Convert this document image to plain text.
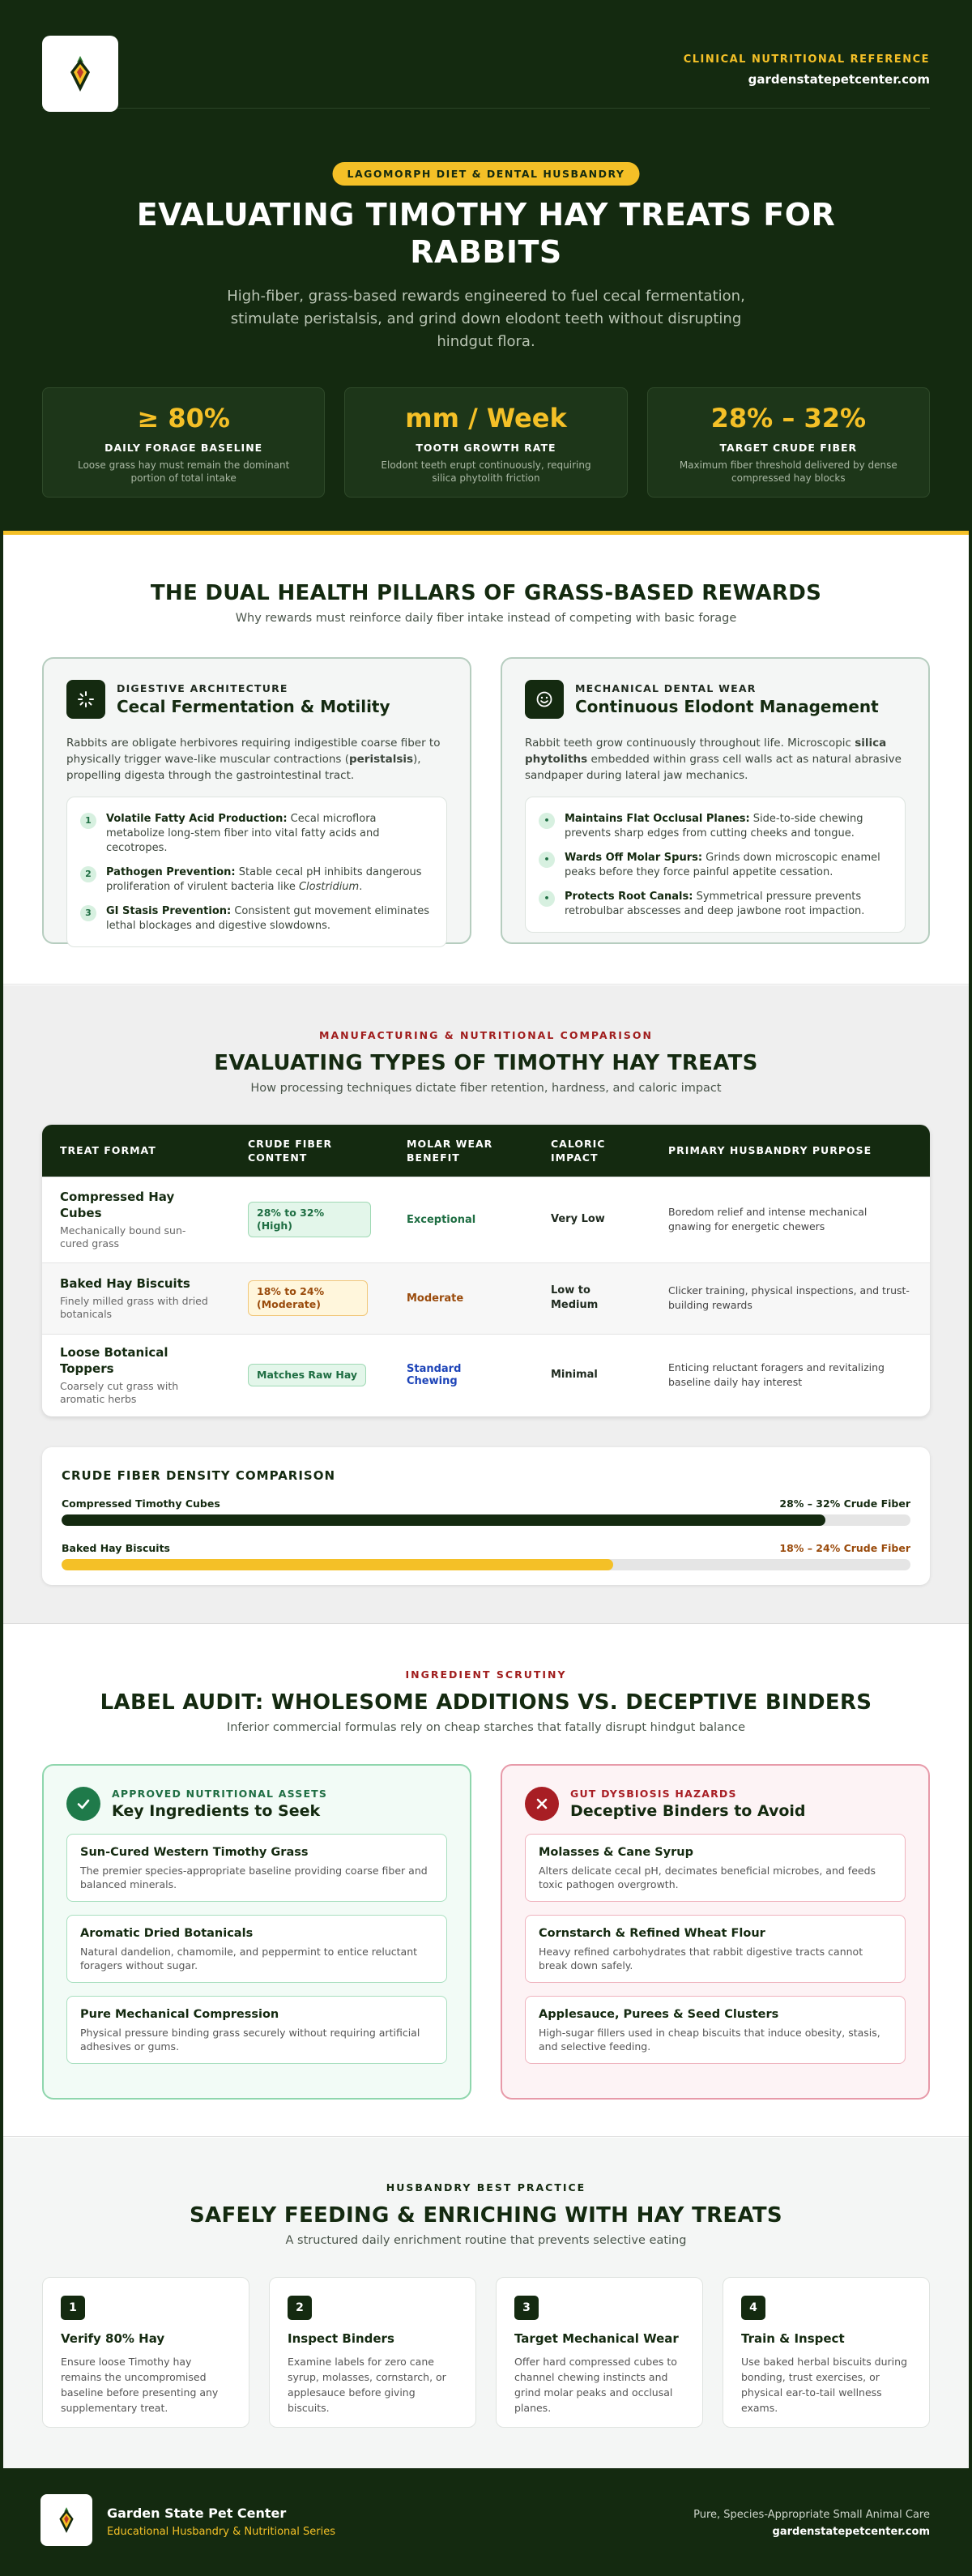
CLINICAL NUTRITIONAL REFERENCE
gardenstatepetcenter.com
LAGOMORPH DIET & DENTAL HUSBANDRY
EVALUATING TIMOTHY HAY TREATS FOR RABBITS

High-fiber, grass-based rewards engineered to fuel cecal fermentation, stimulate peristalsis, and grind down elodont teeth without disrupting hindgut flora.

≥ 80%
DAILY FORAGE BASELINE
Loose grass hay must remain the dominant portion of total intake
mm / Week
TOOTH GROWTH RATE
Elodont teeth erupt continuously, requiring silica phytolith friction
28% – 32%
TARGET CRUDE FIBER
Maximum fiber threshold delivered by dense compressed hay blocks
THE DUAL HEALTH PILLARS OF GRASS-BASED REWARDS
Why rewards must reinforce daily fiber intake instead of competing with basic forage
DIGESTIVE ARCHITECTURE
Cecal Fermentation & Motility

Rabbits are obligate herbivores requiring indigestible coarse fiber to physically trigger wave-like muscular contractions (peristalsis), propelling digesta through the gastrointestinal tract.

1	Volatile Fatty Acid Production: Cecal microflora metabolize long-stem fiber into vital fatty acids and cecotropes.
2	Pathogen Prevention: Stable cecal pH inhibits dangerous proliferation of virulent bacteria like Clostridium.
3	GI Stasis Prevention: Consistent gut movement eliminates lethal blockages and digestive slowdowns.
MECHANICAL DENTAL WEAR
Continuous Elodont Management

Rabbit teeth grow continuously throughout life. Microscopic silica phytoliths embedded within grass cell walls act as natural abrasive sandpaper during lateral jaw mechanics.

•	Maintains Flat Occlusal Planes: Side-to-side chewing prevents sharp edges from cutting cheeks and tongue.
•	Wards Off Molar Spurs: Grinds down microscopic enamel peaks before they force painful appetite cessation.
•	Protects Root Canals: Symmetrical pressure prevents retrobulbar abscesses and deep jawbone root impaction.
MANUFACTURING & NUTRITIONAL COMPARISON
EVALUATING TYPES OF TIMOTHY HAY TREATS
How processing techniques dictate fiber retention, hardness, and caloric impact
TREAT FORMAT	CRUDE FIBER CONTENT	MOLAR WEAR BENEFIT	CALORIC IMPACT	PRIMARY HUSBANDRY PURPOSE

Compressed Hay Cubes
Mechanically bound sun-cured grass	28% to 32% (High)	Exceptional	Very Low	Boredom relief and intense mechanical gnawing for energetic chewers

Baked Hay Biscuits
Finely milled grass with dried botanicals	18% to 24% (Moderate)	Moderate	Low to Medium	Clicker training, physical inspections, and trust-building rewards

Loose Botanical Toppers
Coarsely cut grass with aromatic herbs	Matches Raw Hay	Standard Chewing	Minimal	Enticing reluctant foragers and revitalizing baseline daily hay interest
CRUDE FIBER DENSITY COMPARISON
Compressed Timothy Cubes	28% – 32% Crude Fiber
Baked Hay Biscuits	18% – 24% Crude Fiber
INGREDIENT SCRUTINY
LABEL AUDIT: WHOLESOME ADDITIONS VS. DECEPTIVE BINDERS
Inferior commercial formulas rely on cheap starches that fatally disrupt hindgut balance
APPROVED NUTRITIONAL ASSETS
Key Ingredients to Seek
Sun-Cured Western Timothy Grass
The premier species-appropriate baseline providing coarse fiber and balanced minerals.
Aromatic Dried Botanicals
Natural dandelion, chamomile, and peppermint to entice reluctant foragers without sugar.
Pure Mechanical Compression
Physical pressure binding grass securely without requiring artificial adhesives or gums.
GUT DYSBIOSIS HAZARDS
Deceptive Binders to Avoid
Molasses & Cane Syrup
Alters delicate cecal pH, decimates beneficial microbes, and feeds toxic pathogen overgrowth.
Cornstarch & Refined Wheat Flour
Heavy refined carbohydrates that rabbit digestive tracts cannot break down safely.
Applesauce, Purees & Seed Clusters
High-sugar fillers used in cheap biscuits that induce obesity, stasis, and selective feeding.
HUSBANDRY BEST PRACTICE
SAFELY FEEDING & ENRICHING WITH HAY TREATS
A structured daily enrichment routine that prevents selective eating
1
Verify 80% Hay
Ensure loose Timothy hay remains the uncompromised baseline before presenting any supplementary treat.
2
Inspect Binders
Examine labels for zero cane syrup, molasses, cornstarch, or applesauce before giving biscuits.
3
Target Mechanical Wear
Offer hard compressed cubes to channel chewing instincts and grind molar peaks and occlusal planes.
4
Train & Inspect
Use baked herbal biscuits during bonding, trust exercises, or physical ear-to-tail wellness exams.
Garden State Pet Center
Educational Husbandry & Nutritional Series
Pure, Species-Appropriate Small Animal Care
gardenstatepetcenter.com
